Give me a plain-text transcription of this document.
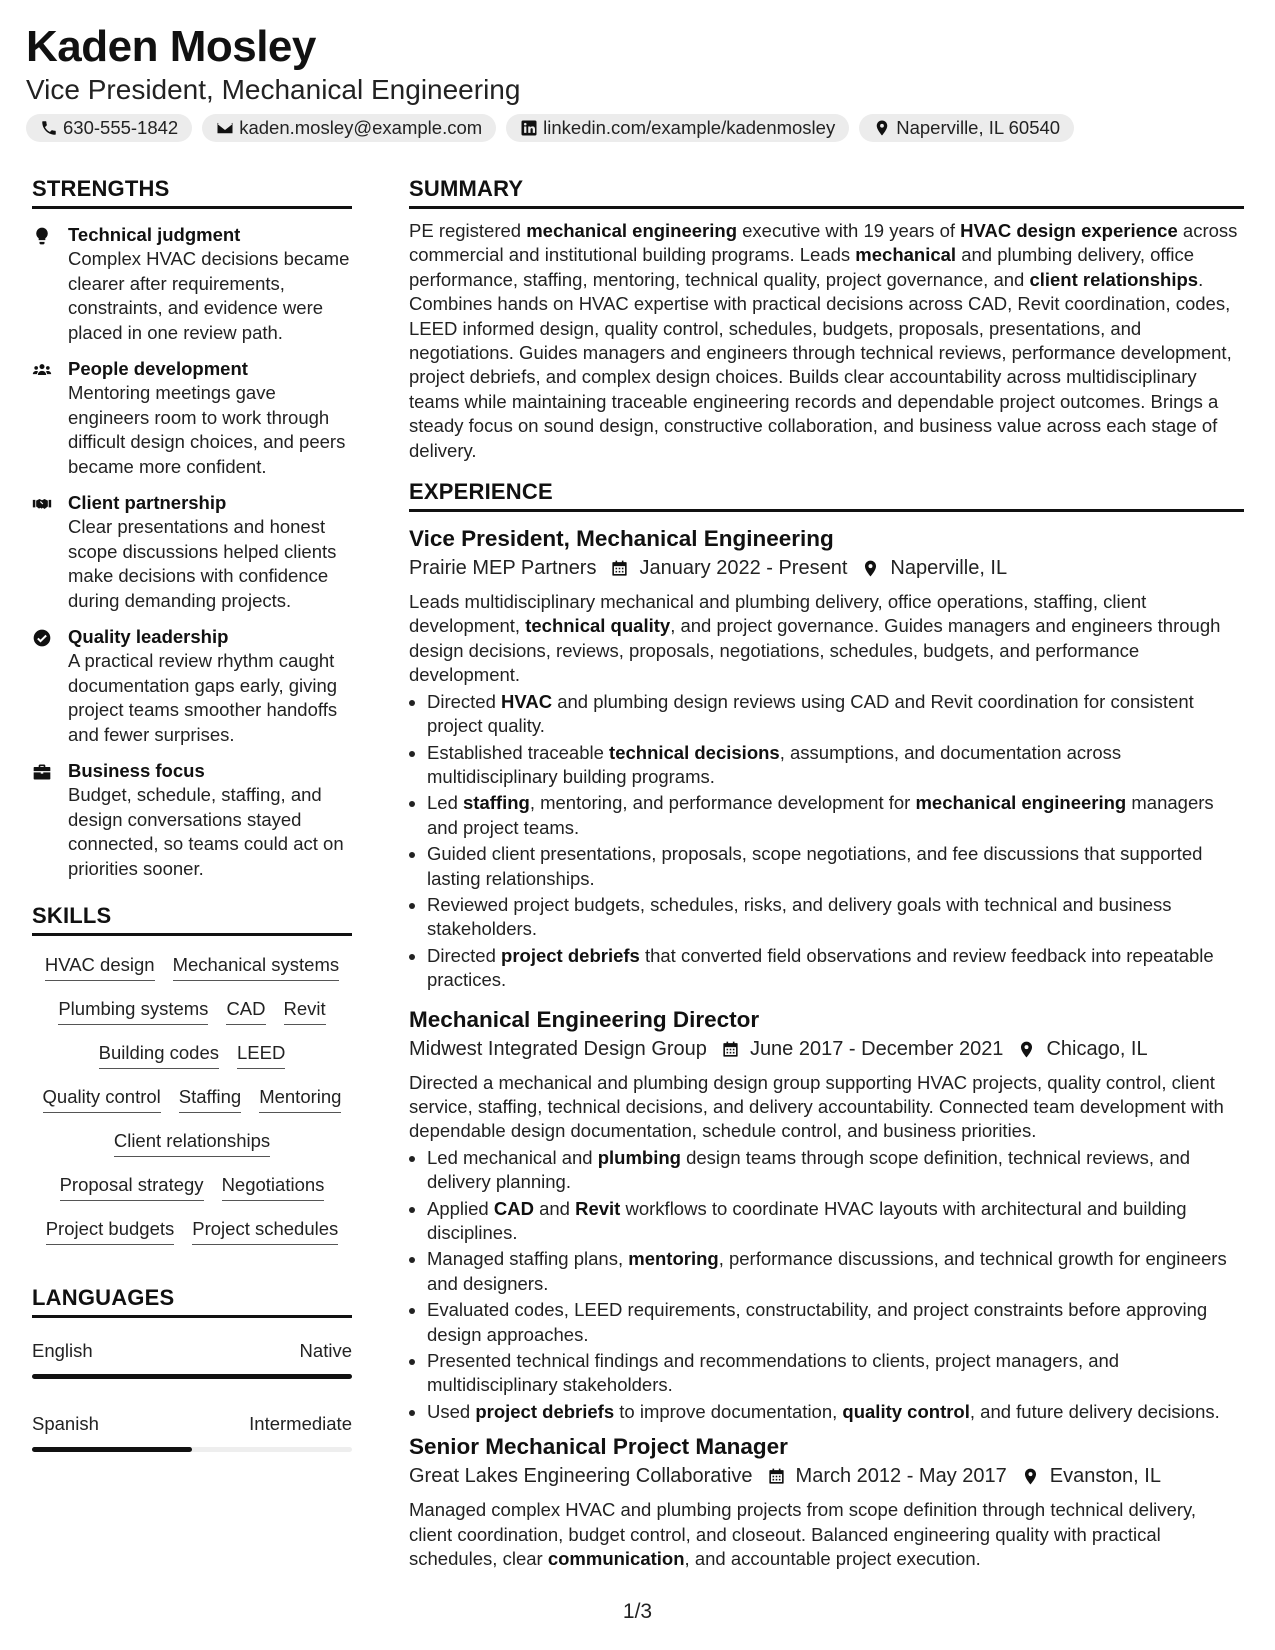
Kaden Mosley
Vice President, Mechanical Engineering
630-555-1842	kaden.mosley@example.com	linkedin.com/example/kadenmosley	Naperville, IL 60540
STRENGTHS
Technical judgment
Complex HVAC decisions became clearer after requirements, constraints, and evidence were placed in one review path.
People development
Mentoring meetings gave engineers room to work through difficult design choices, and peers became more confident.
Client partnership
Clear presentations and honest scope discussions helped clients make decisions with confidence during demanding projects.
Quality leadership
A practical review rhythm caught documentation gaps early, giving project teams smoother handoffs and fewer surprises.
Business focus
Budget, schedule, staffing, and design conversations stayed connected, so teams could act on priorities sooner.
SKILLS
HVAC design Mechanical systems
Plumbing systems CAD Revit
Building codes LEED
Quality control Staffing Mentoring
Client relationships
Proposal strategy Negotiations
Project budgets Project schedules
LANGUAGES
English	Native
Spanish	Intermediate
SUMMARY
PE registered mechanical engineering executive with 19 years of HVAC design experience across commercial and institutional building programs. Leads mechanical and plumbing delivery, office performance, staffing, mentoring, technical quality, project governance, and client relationships. Combines hands on HVAC expertise with practical decisions across CAD, Revit coordination, codes, LEED informed design, quality control, schedules, budgets, proposals, presentations, and negotiations. Guides managers and engineers through technical reviews, performance development, project debriefs, and complex design choices. Builds clear accountability across multidisciplinary teams while maintaining traceable engineering records and dependable project outcomes. Brings a steady focus on sound design, constructive collaboration, and business value across each stage of delivery.
EXPERIENCE
Vice President, Mechanical Engineering
Prairie MEP Partners January 2022 - Present Naperville, IL
Leads multidisciplinary mechanical and plumbing delivery, office operations, staffing, client development, technical quality, and project governance. Guides managers and engineers through design decisions, reviews, proposals, negotiations, schedules, budgets, and performance development.
• Directed HVAC and plumbing design reviews using CAD and Revit coordination for consistent project quality.
• Established traceable technical decisions, assumptions, and documentation across multidisciplinary building programs.
• Led staffing, mentoring, and performance development for mechanical engineering managers and project teams.
• Guided client presentations, proposals, scope negotiations, and fee discussions that supported lasting relationships.
• Reviewed project budgets, schedules, risks, and delivery goals with technical and business stakeholders.
• Directed project debriefs that converted field observations and review feedback into repeatable practices.
Mechanical Engineering Director
Midwest Integrated Design Group June 2017 - December 2021 Chicago, IL
Directed a mechanical and plumbing design group supporting HVAC projects, quality control, client service, staffing, technical decisions, and delivery accountability. Connected team development with dependable design documentation, schedule control, and business priorities.
• Led mechanical and plumbing design teams through scope definition, technical reviews, and delivery planning.
• Applied CAD and Revit workflows to coordinate HVAC layouts with architectural and building disciplines.
• Managed staffing plans, mentoring, performance discussions, and technical growth for engineers and designers.
• Evaluated codes, LEED requirements, constructability, and project constraints before approving design approaches.
• Presented technical findings and recommendations to clients, project managers, and multidisciplinary stakeholders.
• Used project debriefs to improve documentation, quality control, and future delivery decisions.
Senior Mechanical Project Manager
Great Lakes Engineering Collaborative March 2012 - May 2017 Evanston, IL
Managed complex HVAC and plumbing projects from scope definition through technical delivery, client coordination, budget control, and closeout. Balanced engineering quality with practical schedules, clear communication, and accountable project execution.
1/3
